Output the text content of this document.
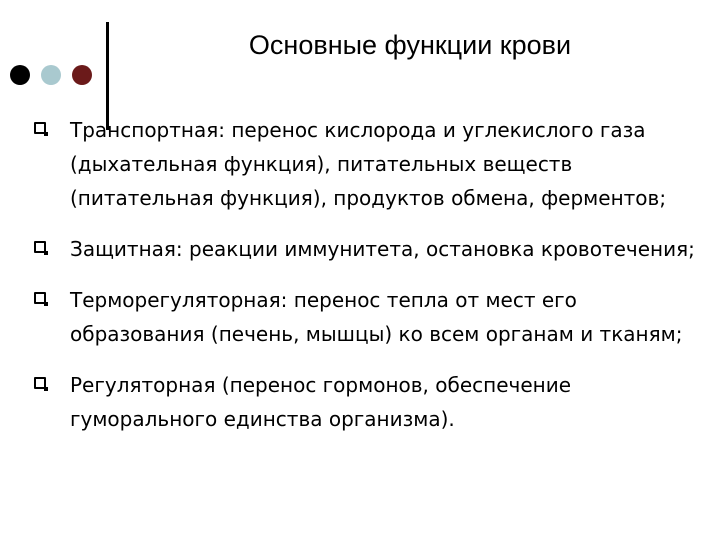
Основные функции крови
Транспортная: перенос кислорода и углекислого газа (дыхательная функция), питательных веществ (питательная функция), продуктов обмена, ферментов;
Защитная: реакции иммунитета, остановка кровотечения;
Терморегуляторная: перенос тепла от мест его образования (печень, мышцы) ко всем органам и тканям;
Регуляторная (перенос гормонов, обеспечение гуморального единства организма).
